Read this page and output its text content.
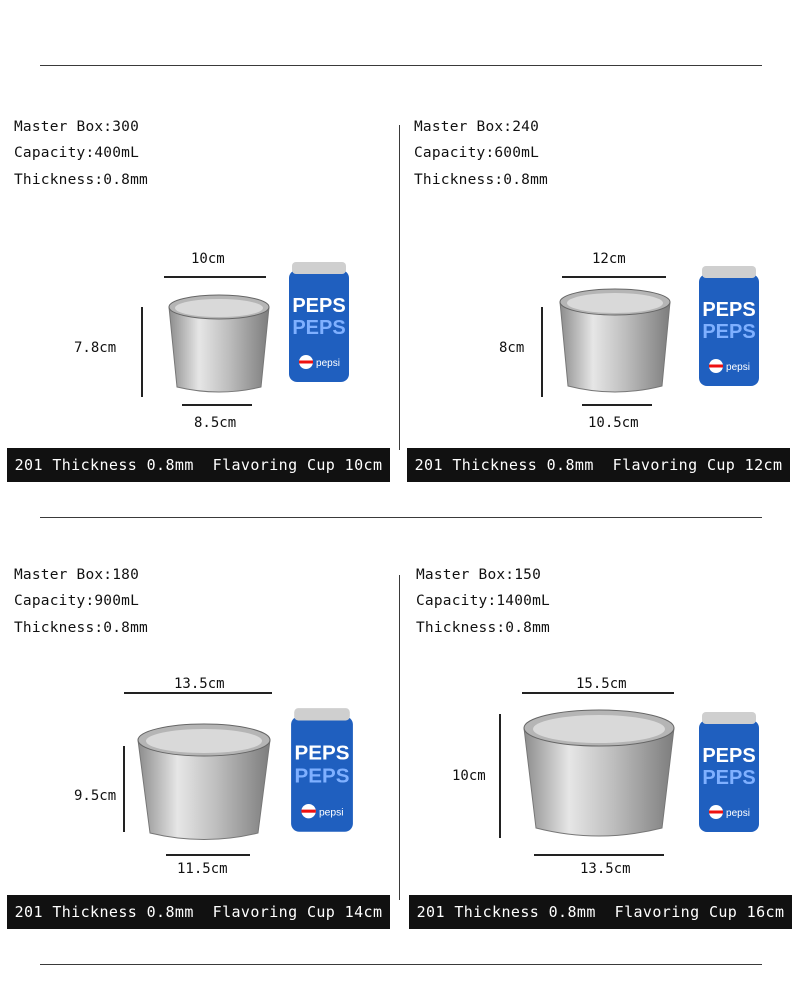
Master Box:300
Capacity:400mL
Thickness:0.8mm
10cm
7.8cm
PEPS
PEPS
pepsi
8.5cm
201 Thickness 0.8mm  Flavoring Cup 10cm
Master Box:240
Capacity:600mL
Thickness:0.8mm
12cm
8cm
PEPS
PEPS
pepsi
10.5cm
201 Thickness 0.8mm  Flavoring Cup 12cm
Master Box:180
Capacity:900mL
Thickness:0.8mm
13.5cm
9.5cm
PEPS
PEPS
pepsi
11.5cm
201 Thickness 0.8mm  Flavoring Cup 14cm
Master Box:150
Capacity:1400mL
Thickness:0.8mm
15.5cm
10cm
PEPS
PEPS
pepsi
13.5cm
201 Thickness 0.8mm  Flavoring Cup 16cm
